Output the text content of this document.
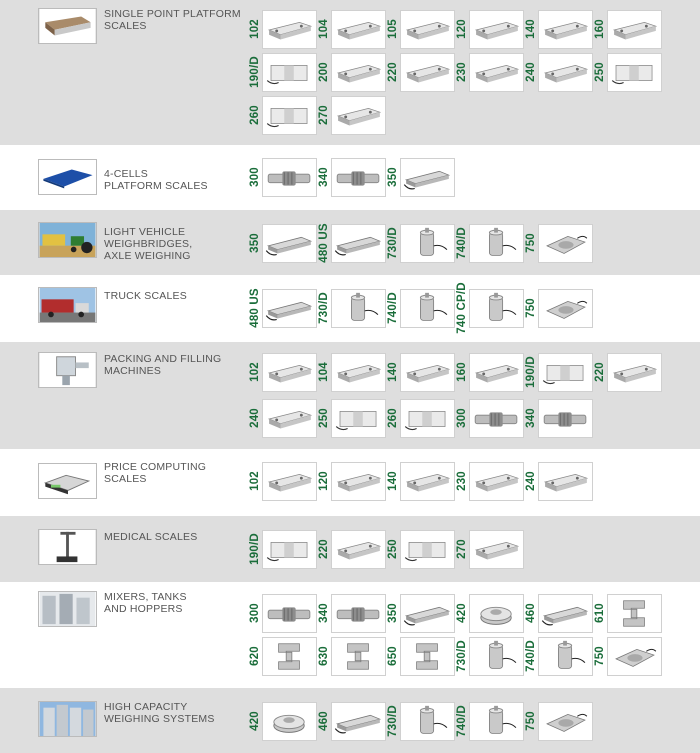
SINGLE POINT PLATFORM
SCALES	102	104	105	120	140	160
190/D	200	220	230	240	250
260	270
4-CELLS
PLATFORM SCALES	300	340	350
LIGHT VEHICLE
WEIGHBRIDGES,
AXLE WEIGHING
350	480 US	730/D	740/D	750
TRUCK SCALES	480 US	730/D	740/D	740 CP/D	750
PACKING AND FILLING
MACHINES	102	104	140	160	190/D	220
240	250	260	300	340
PRICE COMPUTING
SCALES	102	120	140	230	240
MEDICAL SCALES	190/D	220	250	270
MIXERS, TANKS
AND HOPPERS	300	340	350	420	460	610
620	630	650	730/D	740/D	750
HIGH CAPACITY
WEIGHING SYSTEMS	420	460	730/D	740/D	750
